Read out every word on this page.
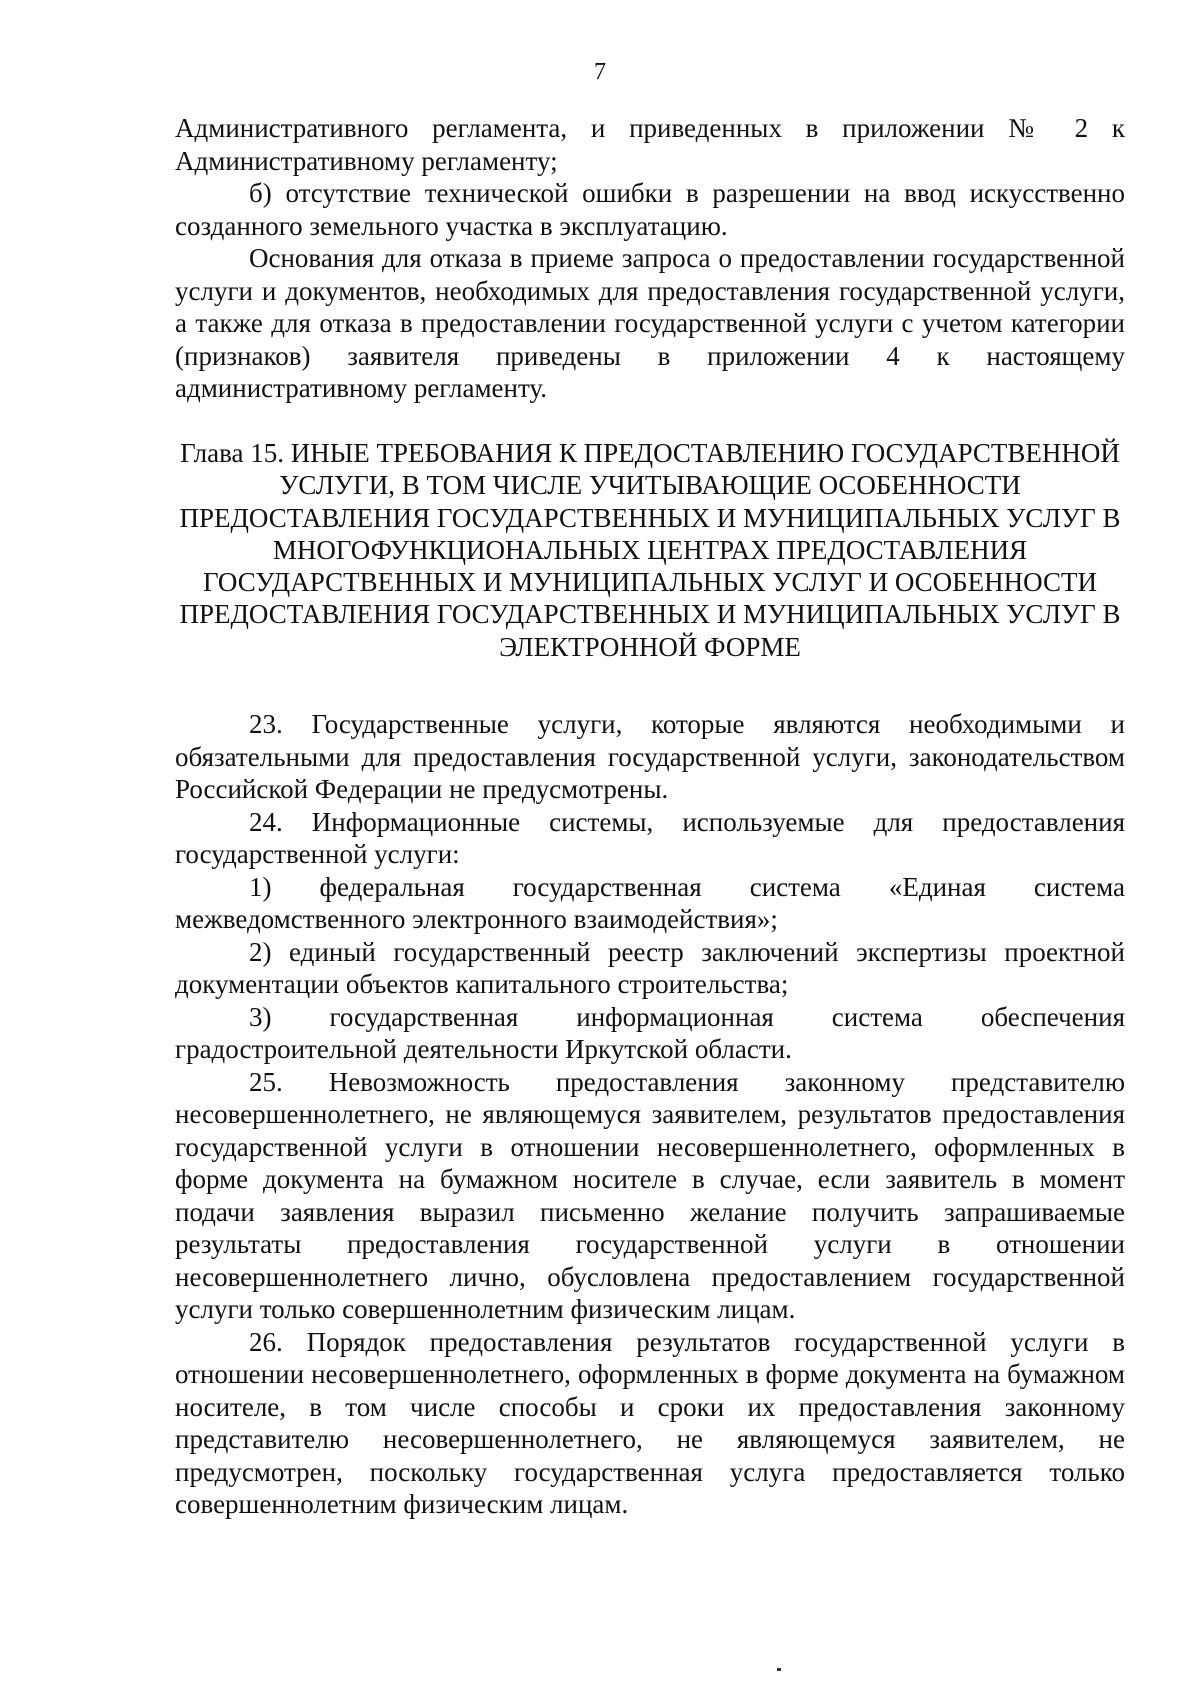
7

Административного регламента, и приведенных в приложении № 2 к Административному регламенту;

б) отсутствие технической ошибки в разрешении на ввод искусственно созданного земельного участка в эксплуатацию.

Основания для отказа в приеме запроса о предоставлении государственной услуги и документов, необходимых для предоставления государственной услуги, а также для отказа в предоставлении государственной услуги с учетом категории (признаков) заявителя приведены в приложении 4 к настоящему административному регламенту.

Глава 15. ИНЫЕ ТРЕБОВАНИЯ К ПРЕДОСТАВЛЕНИЮ ГОСУДАРСТВЕННОЙ УСЛУГИ, В ТОМ ЧИСЛЕ УЧИТЫВАЮЩИЕ ОСОБЕННОСТИ ПРЕДОСТАВЛЕНИЯ ГОСУДАРСТВЕННЫХ И МУНИЦИПАЛЬНЫХ УСЛУГ В МНОГОФУНКЦИОНАЛЬНЫХ ЦЕНТРАХ ПРЕДОСТАВЛЕНИЯ ГОСУДАРСТВЕННЫХ И МУНИЦИПАЛЬНЫХ УСЛУГ И ОСОБЕННОСТИ ПРЕДОСТАВЛЕНИЯ ГОСУДАРСТВЕННЫХ И МУНИЦИПАЛЬНЫХ УСЛУГ В ЭЛЕКТРОННОЙ ФОРМЕ

23. Государственные услуги, которые являются необходимыми и обязательными для предоставления государственной услуги, законодательством Российской Федерации не предусмотрены.

24. Информационные системы, используемые для предоставления государственной услуги:

1) федеральная государственная система «Единая система межведомственного электронного взаимодействия»;

2) единый государственный реестр заключений экспертизы проектной документации объектов капитального строительства;

3) государственная информационная система обеспечения градостроительной деятельности Иркутской области.

25. Невозможность предоставления законному представителю несовершеннолетнего, не являющемуся заявителем, результатов предоставления государственной услуги в отношении несовершеннолетнего, оформленных в форме документа на бумажном носителе в случае, если заявитель в момент подачи заявления выразил письменно желание получить запрашиваемые результаты предоставления государственной услуги в отношении несовершеннолетнего лично, обусловлена предоставлением государственной услуги только совершеннолетним физическим лицам.

26. Порядок предоставления результатов государственной услуги в отношении несовершеннолетнего, оформленных в форме документа на бумажном носителе, в том числе способы и сроки их предоставления законному представителю несовершеннолетнего, не являющемуся заявителем, не предусмотрен, поскольку государственная услуга предоставляется только совершеннолетним физическим лицам.
